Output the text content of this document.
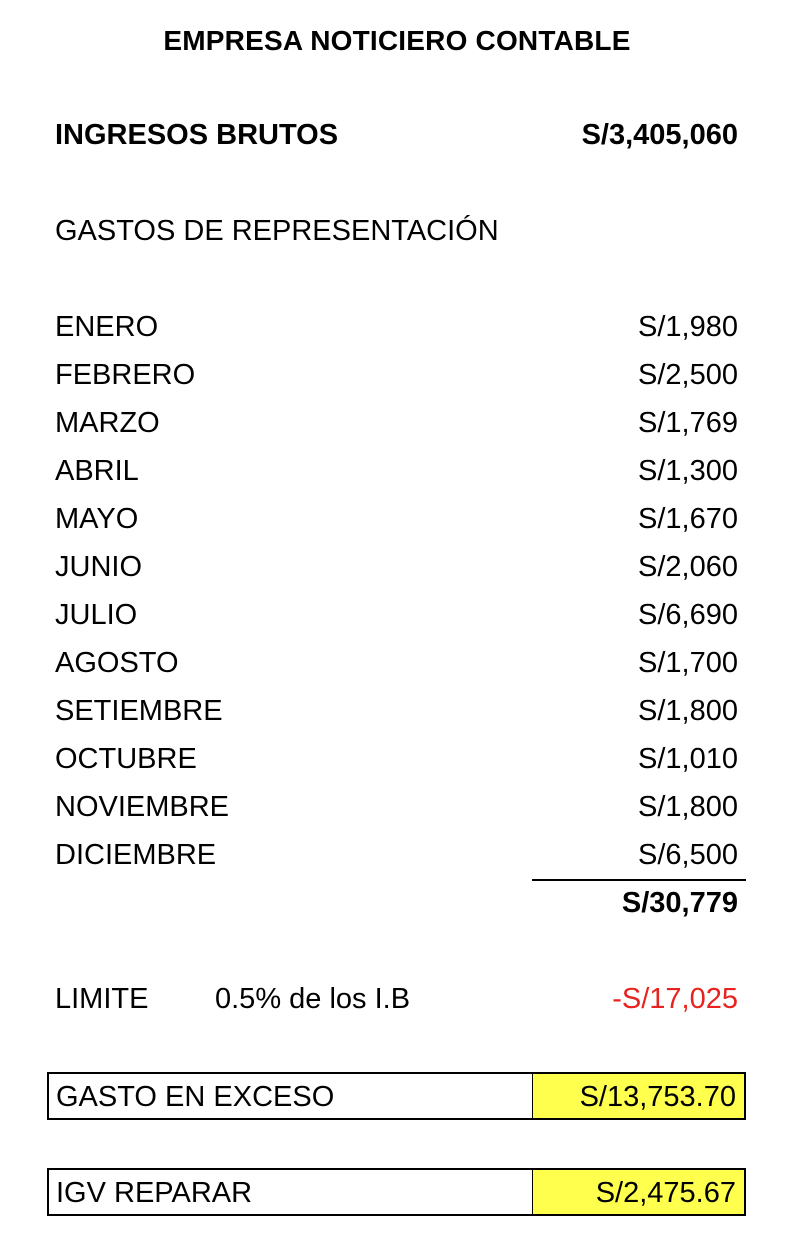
EMPRESA NOTICIERO CONTABLE
INGRESOS BRUTOS	S/3,405,060
GASTOS DE REPRESENTACIÓN
ENERO	S/1,980
FEBRERO	S/2,500
MARZO	S/1,769
ABRIL	S/1,300
MAYO	S/1,670
JUNIO	S/2,060
JULIO	S/6,690
AGOSTO	S/1,700
SETIEMBRE	S/1,800
OCTUBRE	S/1,010
NOVIEMBRE	S/1,800
DICIEMBRE	S/6,500
S/30,779
LIMITE 0.5% de los I.B	-S/17,025
GASTO EN EXCESO	S/13,753.70
IGV REPARAR	S/2,475.67
